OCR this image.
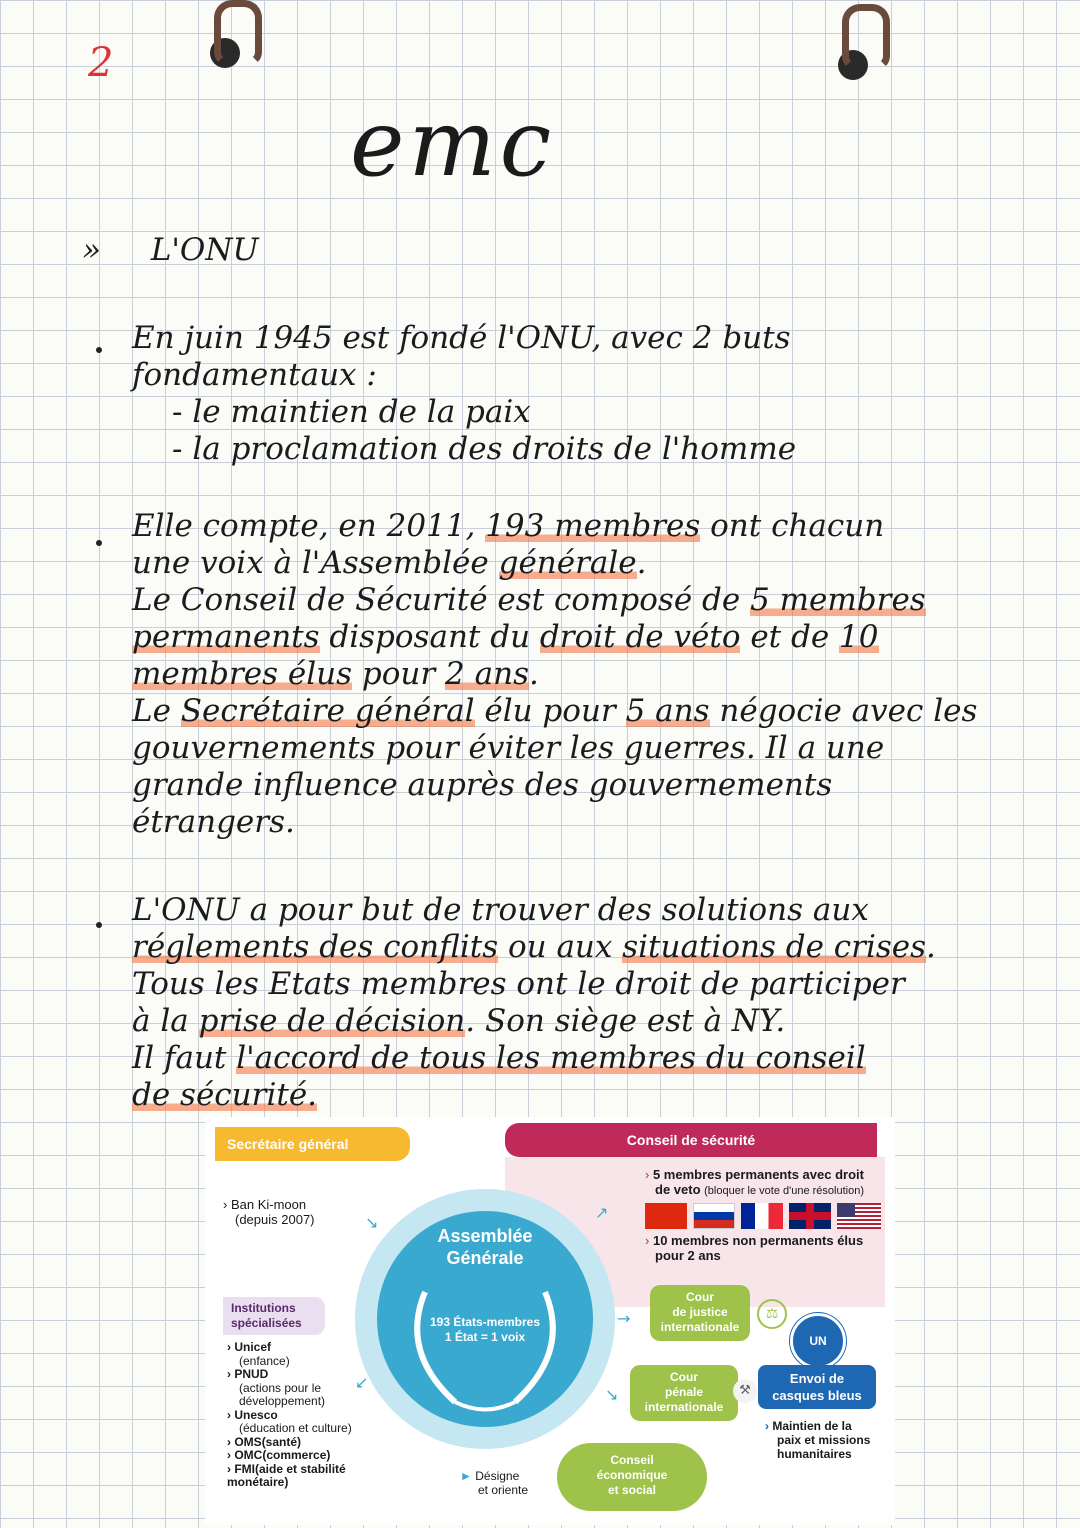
2
emc
» L'ONU
En juin 1945 est fondé l'ONU, avec 2 buts
fondamentaux :
- le maintien de la paix
- la proclamation des droits de l'homme
Elle compte, en 2011, 193 membres ont chacun
une voix à l'Assemblée générale.
Le Conseil de Sécurité est composé de 5 membres
permanents disposant du droit de véto et de 10
membres élus pour 2 ans.
Le Secrétaire général élu pour 5 ans négocie avec les
gouvernements pour éviter les guerres. Il a une
grande influence auprès des gouvernements
étrangers.
L'ONU a pour but de trouver des solutions aux
réglements des conflits ou aux situations de crises.
Tous les Etats membres ont le droit de participer
à la prise de décision. Son siège est à NY.
Il faut l'accord de tous les membres du conseil
de sécurité.
Secrétaire général
› Ban Ki-moon
(depuis 2007)
Conseil de sécurité
› 5 membres permanents avec droit
de veto (bloquer le vote d'une résolution)
› 10 membres non permanents élus
pour 2 ans
Assemblée
Générale
193 États-membres
1 État = 1 voix
↘
↗
→
↘
↙
Institutions
spécialisées
› Unicef
(enfance)
› PNUD
(actions pour le développement)
› Unesco
(éducation et culture)
› OMS(santé)
› OMC(commerce)
› FMI(aide et stabilité monétaire)
Cour
de justice
internationale
⚖
Cour
pénale
internationale
⚒
Conseil
économique
et social
UN
Envoi de
casques bleus
› Maintien de la
paix et missions
humanitaires
► Désigne
et oriente
